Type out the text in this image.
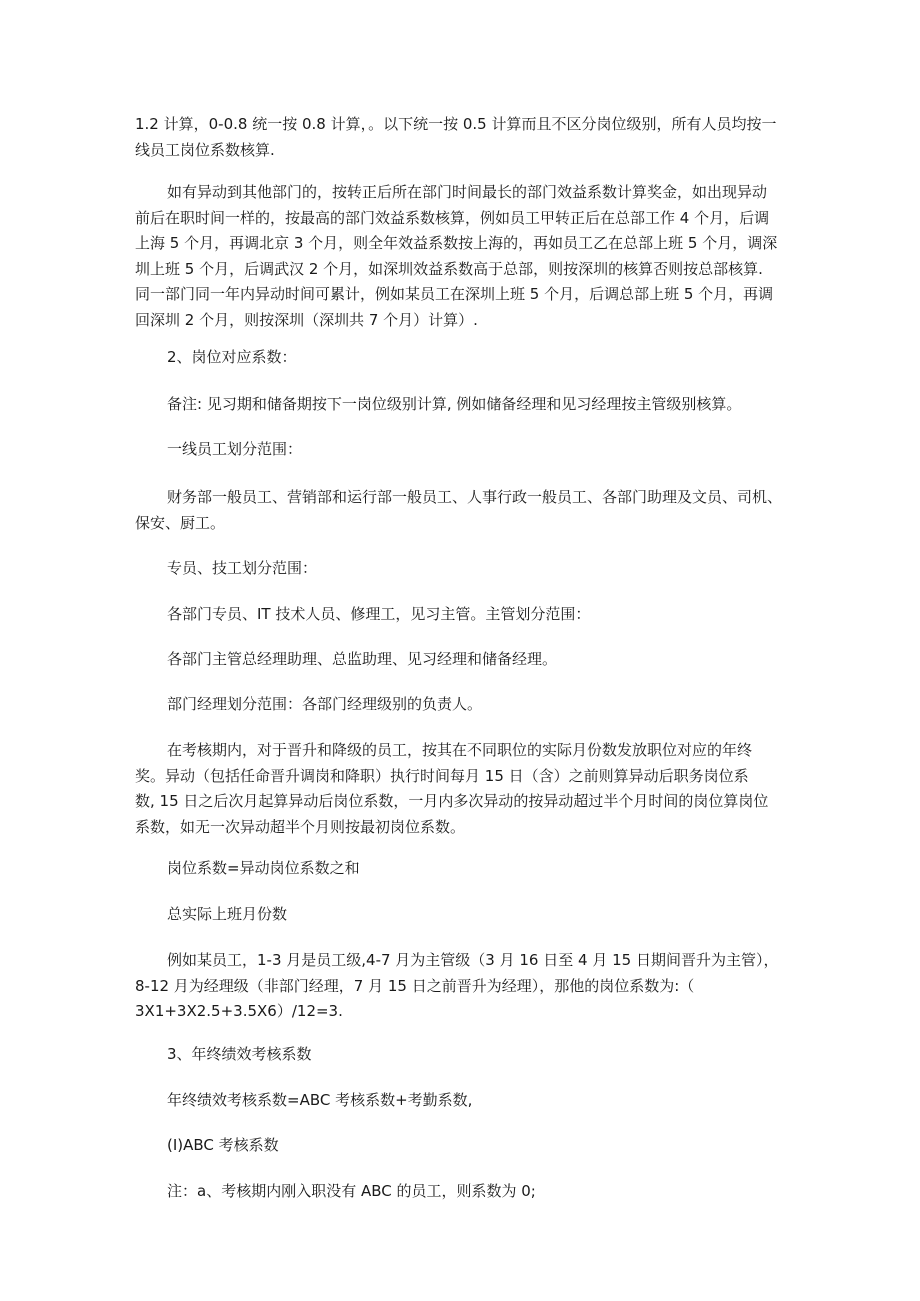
1.2 计算，0-0.8 统一按 0.8 计算，。以下统一按 0.5 计算而且不区分岗位级别，所有人员均按一
线员工岗位系数核算.

如有异动到其他部门的，按转正后所在部门时间最长的部门效益系数计算奖金，如出现异动
前后在职时间一样的，按最高的部门效益系数核算，例如员工甲转正后在总部工作 4 个月，后调
上海 5 个月，再调北京 3 个月，则全年效益系数按上海的，再如员工乙在总部上班 5 个月，调深
圳上班 5 个月，后调武汉 2 个月，如深圳效益系数高于总部，则按深圳的核算否则按总部核算.
同一部门同一年内异动时间可累计，例如某员工在深圳上班 5 个月，后调总部上班 5 个月，再调
回深圳 2 个月，则按深圳（深圳共 7 个月）计算）.

2、岗位对应系数：

备注: 见习期和储备期按下一岗位级别计算, 例如储备经理和见习经理按主管级别核算。

一线员工划分范围：

财务部一般员工、营销部和运行部一般员工、人事行政一般员工、各部门助理及文员、司机、
保安、厨工。

专员、技工划分范围：

各部门专员、IT 技术人员、修理工，见习主管。主管划分范围：

各部门主管总经理助理、总监助理、见习经理和储备经理。

部门经理划分范围：各部门经理级别的负责人。

在考核期内，对于晋升和降级的员工，按其在不同职位的实际月份数发放职位对应的年终
奖。异动（包括任命晋升调岗和降职）执行时间每月 15 日（含）之前则算异动后职务岗位系
数, 15 日之后次月起算异动后岗位系数，一月内多次异动的按异动超过半个月时间的岗位算岗位
系数，如无一次异动超半个月则按最初岗位系数。

岗位系数=异动岗位系数之和

总实际上班月份数

例如某员工，1-3 月是员工级,4-7 月为主管级（3 月 16 日至 4 月 15 日期间晋升为主管），
8-12 月为经理级（非部门经理，7 月 15 日之前晋升为经理），那他的岗位系数为:（
3X1+3X2.5+3.5X6）/12=3.

3、年终绩效考核系数

年终绩效考核系数=ABC 考核系数+考勤系数,

(I)ABC 考核系数

注：a、考核期内刚入职没有 ABC 的员工，则系数为 0;
